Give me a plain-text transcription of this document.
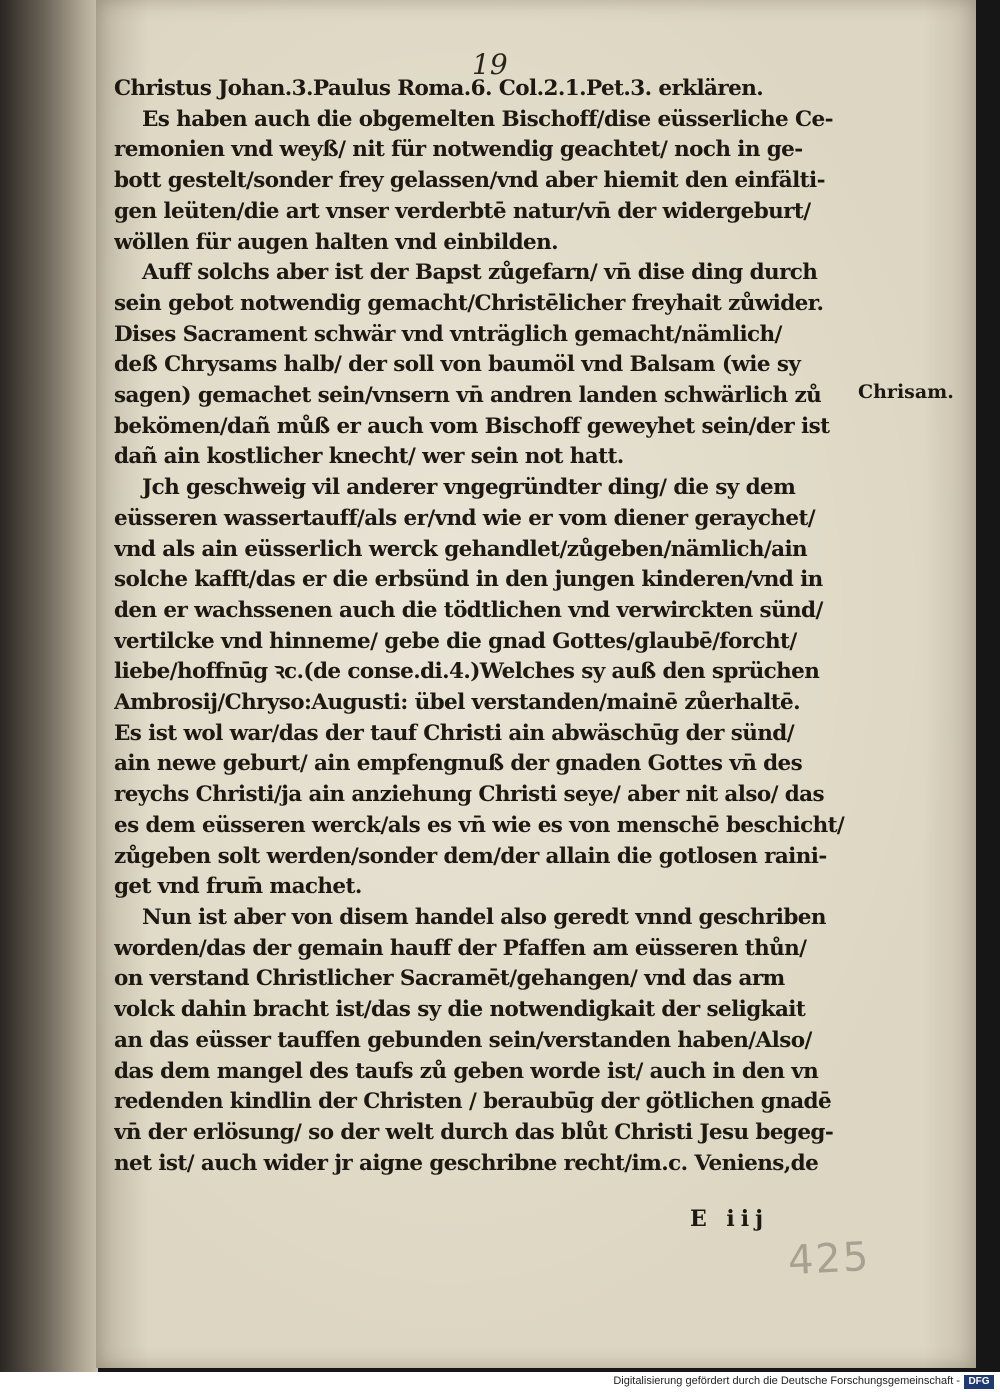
19
Christus Johan.3.Paulus Roma.6. Col.2.1.Pet.3. erklären.
Es haben auch die obgemelten Bischoff/dise eüsserliche Ce-
remonien vnd weyß/ nit für notwendig geachtet/ noch in ge-
bott gestelt/sonder frey gelassen/vnd aber hiemit den einfälti-
gen leüten/die art vnser verderbtē natur/vn̄ der widergeburt/
wöllen für augen halten vnd einbilden.
Auff solchs aber ist der Bapst zůgefarn/ vn̄ dise ding durch
sein gebot notwendig gemacht/Christēlicher freyhait zůwider.
Dises Sacrament schwär vnd vnträglich gemacht/nämlich/
deß Chrysams halb/ der soll von baumöl vnd Balsam (wie sy
sagen) gemachet sein/vnsern vn̄ andren landen schwärlich zů
bekömen/dañ můß er auch vom Bischoff geweyhet sein/der ist
dañ ain kostlicher knecht/ wer sein not hatt.
Jch geschweig vil anderer vngegründter ding/ die sy dem
eüsseren wassertauff/als er/vnd wie er vom diener geraychet/
vnd als ain eüsserlich werck gehandlet/zůgeben/nämlich/ain
solche kafft/das er die erbsünd in den jungen kinderen/vnd in
den er wachssenen auch die tödtlichen vnd verwirckten sünd/
vertilcke vnd hinneme/ gebe die gnad Gottes/glaubē/forcht/
liebe/hoffnūg ꝛc.(de conse.di.4.)Welches sy auß den sprüchen
Ambrosij/Chryso:Augusti: übel verstanden/mainē zůerhaltē.
Es ist wol war/das der tauf Christi ain abwäschūg der sünd/
ain newe geburt/ ain empfengnuß der gnaden Gottes vn̄ des
reychs Christi/ja ain anziehung Christi seye/ aber nit also/ das
es dem eüsseren werck/als es vn̄ wie es von menschē beschicht/
zůgeben solt werden/sonder dem/der allain die gotlosen raini-
get vnd frum̄ machet.
Nun ist aber von disem handel also geredt vnnd geschriben
worden/das der gemain hauff der Pfaffen am eüsseren thůn/
on verstand Christlicher Sacramēt/gehangen/ vnd das arm
volck dahin bracht ist/das sy die notwendigkait der seligkait
an das eüsser tauffen gebunden sein/verstanden haben/Also/
das dem mangel des taufs zů geben worde ist/ auch in den vn
redenden kindlin der Christen / beraubūg der götlichen gnadē
vn̄ der erlösung/ so der welt durch das blůt Christi Jesu begeg-
net ist/ auch wider jr aigne geschribne recht/im.c. Veniens,de
Chrisam.
E iij
425
Digitalisierung gefördert durch die Deutsche Forschungsgemeinschaft - DFG
